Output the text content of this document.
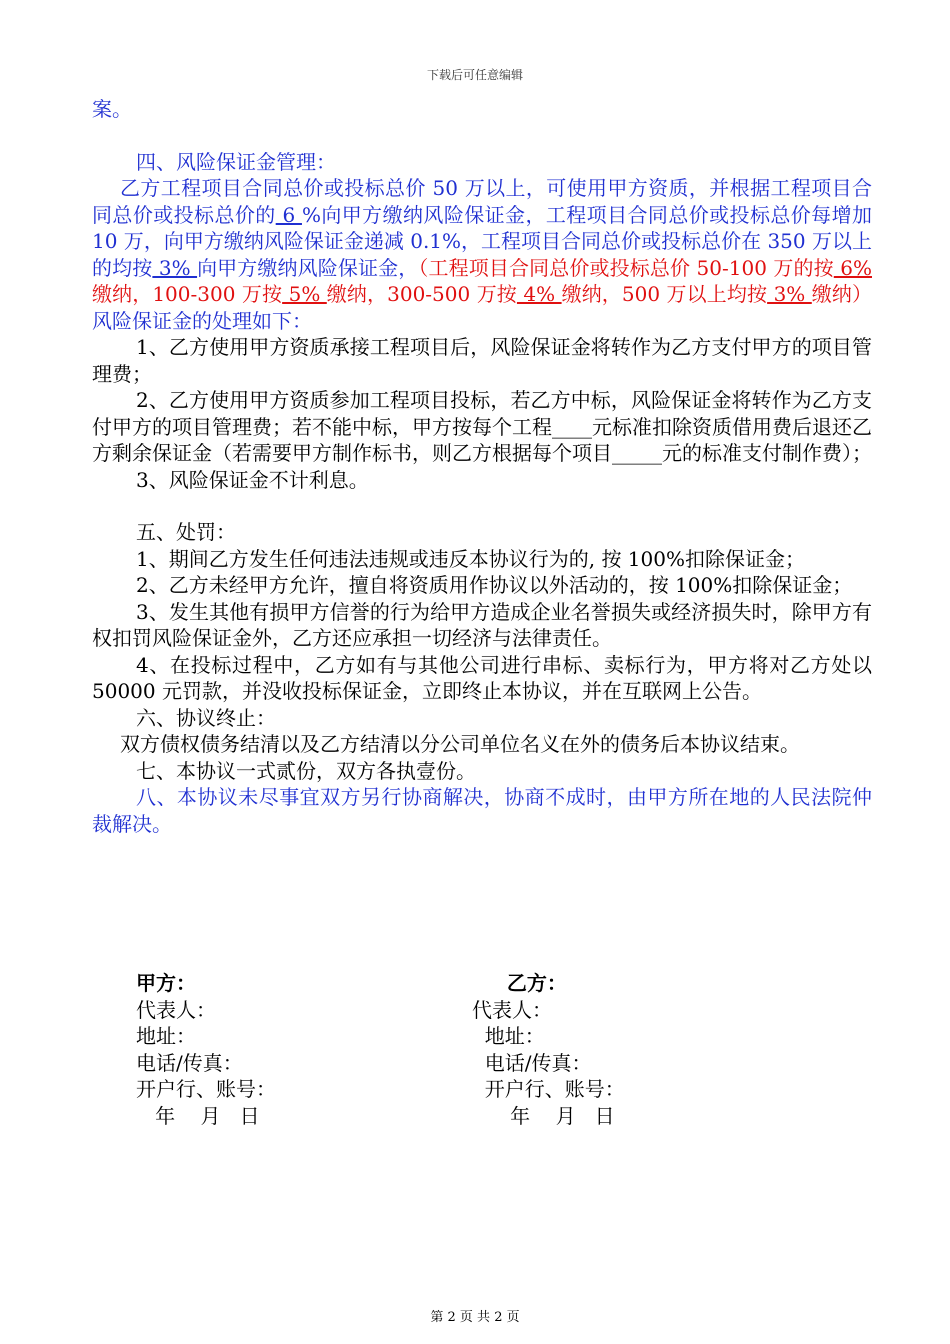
下载后可任意编辑

案。

四、风险保证金管理：

乙方工程项目合同总价或投标总价 50 万以上，可使用甲方资质，并根据工程项目合同总价或投标总价的 6 %向甲方缴纳风险保证金，工程项目合同总价或投标总价每增加 10 万，向甲方缴纳风险保证金递减 0.1%，工程项目合同总价或投标总价在 350 万以上的均按 3% 向甲方缴纳风险保证金，（工程项目合同总价或投标总价 50-100 万的按 6% 缴纳，100-300 万按 5% 缴纳，300-500 万按 4% 缴纳，500 万以上均按 3% 缴纳）风险保证金的处理如下：

1、乙方使用甲方资质承接工程项目后，风险保证金将转作为乙方支付甲方的项目管理费；

2、乙方使用甲方资质参加工程项目投标，若乙方中标，风险保证金将转作为乙方支付甲方的项目管理费；若不能中标，甲方按每个工程____元标准扣除资质借用费后退还乙方剩余保证金（若需要甲方制作标书，则乙方根据每个项目_____元的标准支付制作费）；

3、风险保证金不计利息。

五、处罚：

1、期间乙方发生任何违法违规或违反本协议行为的, 按 100%扣除保证金；

2、乙方未经甲方允许，擅自将资质用作协议以外活动的，按 100%扣除保证金；

3、发生其他有损甲方信誉的行为给甲方造成企业名誉损失或经济损失时，除甲方有权扣罚风险保证金外，乙方还应承担一切经济与法律责任。

4、在投标过程中，乙方如有与其他公司进行串标、卖标行为，甲方将对乙方处以 50000 元罚款，并没收投标保证金，立即终止本协议，并在互联网上公告。

六、协议终止：

双方债权债务结清以及乙方结清以分公司单位名义在外的债务后本协议结束。

七、本协议一式贰份，双方各执壹份。

八、本协议未尽事宜双方另行协商解决，协商不成时，由甲方所在地的人民法院仲裁解决。

甲方：
代表人：
地址：
电话/传真：
开户行、账号：
年    月   日
乙方：
代表人：
地址：
电话/传真：
开户行、账号：
年    月   日
第 2 页 共 2 页
